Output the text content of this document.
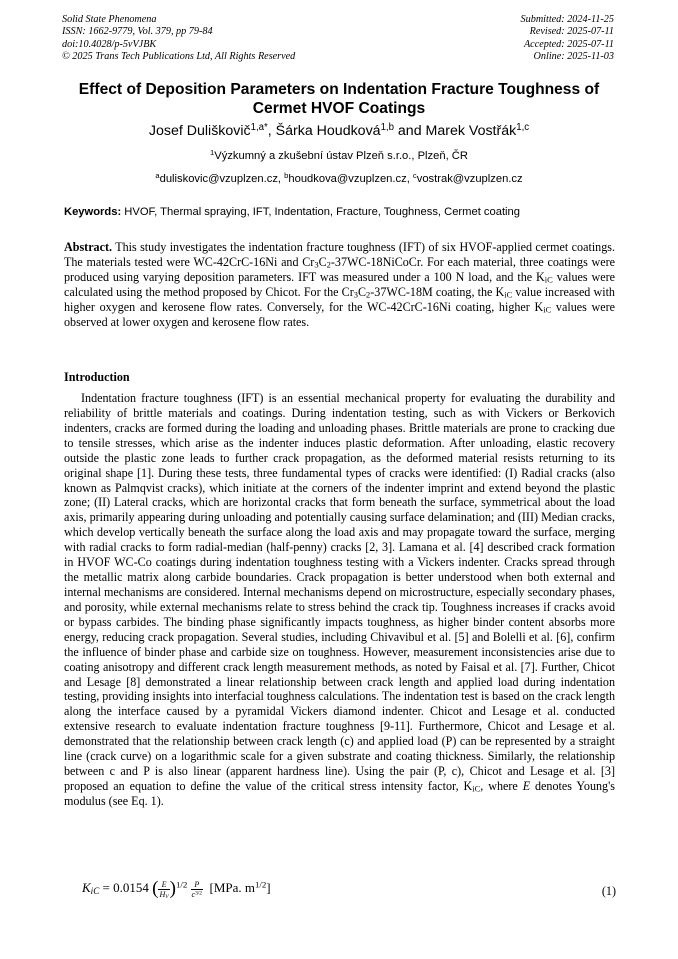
Solid State Phenomena
ISSN: 1662-9779, Vol. 379, pp 79-84
doi:10.4028/p-5vVJBK
© 2025 Trans Tech Publications Ltd, All Rights Reserved
Submitted: 2024-11-25
Revised: 2025-07-11
Accepted: 2025-07-11
Online: 2025-11-03
Effect of Deposition Parameters on Indentation Fracture Toughness of Cermet HVOF Coatings
Josef Duliškovič$^{1,a*}$, Šárka Houdková$^{1,b}$ and Marek Vostřák$^{1,c}$
$^1$Výzkumný a zkušební ústav Plzeň s.r.o., Plzeň, ČR
$^a$duliskovic@vzuplzen.cz, $^b$houdkova@vzuplzen.cz, $^c$vostrak@vzuplzen.cz
Keywords: HVOF, Thermal spraying, IFT, Indentation, Fracture, Toughness, Cermet coating
Abstract. This study investigates the indentation fracture toughness (IFT) of six HVOF-applied cermet coatings. The materials tested were WC-42CrC-16Ni and $Cr_3C_2-37WC-18NiCoCr$. For each material, three coatings were produced using varying deposition parameters. IFT was measured under a 100 N load, and the $K_{iC}$ values were calculated using the method proposed by Chicot. For the $Cr_3C_2-37WC-18M$ coating, the $K_{iC}$ value increased with higher oxygen and kerosene flow rates. Conversely, for the WC-42CrC-16Ni coating, higher $K_{iC}$ values were observed at lower oxygen and kerosene flow rates.
Introduction
Indentation fracture toughness (IFT) is an essential mechanical property for evaluating the durability and reliability of brittle materials and coatings. During indentation testing, such as with Vickers or Berkovich indenters, cracks are formed during the loading and unloading phases. Brittle materials are prone to cracking due to tensile stresses, which arise as the indenter induces plastic deformation. After unloading, elastic recovery outside the plastic zone leads to further crack propagation, as the deformed material resists returning to its original shape [1]. During these tests, three fundamental types of cracks were identified: (I) Radial cracks (also known as Palmqvist cracks), which initiate at the corners of the indenter imprint and extend beyond the plastic zone; (II) Lateral cracks, which are horizontal cracks that form beneath the surface, symmetrical about the load axis, primarily appearing during unloading and potentially causing surface delamination; and (III) Median cracks, which develop vertically beneath the surface along the load axis and may propagate toward the surface, merging with radial cracks to form radial-median (half-penny) cracks [2, 3]. Lamana et al. [4] described crack formation in HVOF WC-Co coatings during indentation toughness testing with a Vickers indenter. Cracks spread through the metallic matrix along carbide boundaries. Crack propagation is better understood when both external and internal mechanisms are considered. Internal mechanisms depend on microstructure, especially secondary phases, and porosity, while external mechanisms relate to stress behind the crack tip. Toughness increases if cracks avoid or bypass carbides. The binding phase significantly impacts toughness, as higher binder content absorbs more energy, reducing crack propagation. Several studies, including Chivavibul et al. [5] and Bolelli et al. [6], confirm the influence of binder phase and carbide size on toughness. However, measurement inconsistencies arise due to coating anisotropy and different crack length measurement methods, as noted by Faisal et al. [7]. Further, Chicot and Lesage [8] demonstrated a linear relationship between crack length and applied load during indentation testing, providing insights into interfacial toughness calculations. The indentation test is based on the crack length along the interface caused by a pyramidal Vickers diamond indenter. Chicot and Lesage et al. conducted extensive research to evaluate indentation fracture toughness [9-11]. Furthermore, Chicot and Lesage et al. demonstrated that the relationship between crack length (c) and applied load (P) can be represented by a straight line (crack curve) on a logarithmic scale for a given substrate and coating thickness. Similarly, the relationship between c and P is also linear (apparent hardness line). Using the pair (P, c), Chicot and Lesage et al. [3] proposed an equation to define the value of the critical stress intensity factor, $K_{iC}$, where E denotes Young's modulus (see Eq. 1).
$K_{iC} = 0.0154$ ( $\frac{E}{H_V} )^{1/2} \frac{P}{c^{3/2}} [MPa$. $m^{1/2}$]	(1)
